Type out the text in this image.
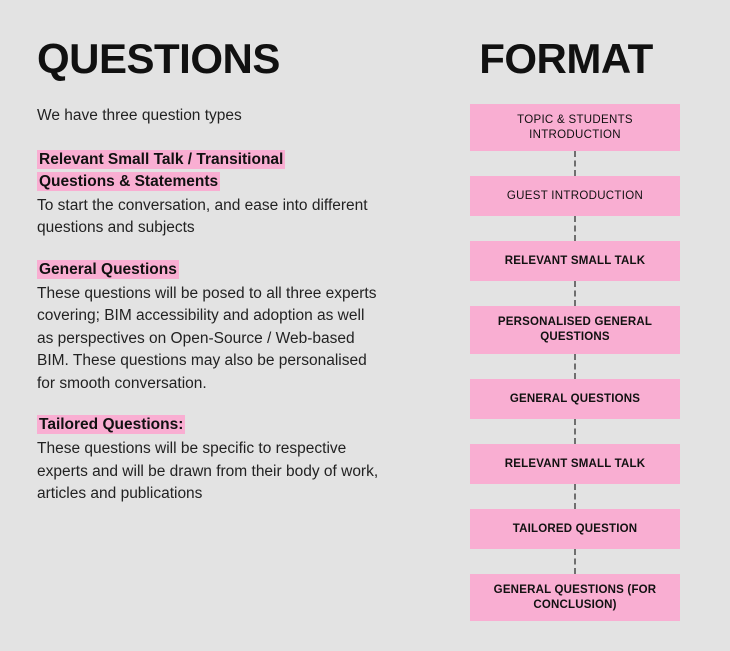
QUESTIONS

We have three question types

Relevant Small Talk / Transitional
Questions & Statements

To start the conversation, and ease into different questions and subjects

General Questions

These questions will be posed to all three experts covering; BIM accessibility and adoption as well as perspectives on Open-Source / Web-based BIM. These questions may also be personalised for smooth conversation.

Tailored Questions:

These questions will be specific to respective experts and will be drawn from their body of work, articles and publications

FORMAT
TOPIC & STUDENTS INTRODUCTION
GUEST INTRODUCTION
RELEVANT SMALL TALK
PERSONALISED GENERAL QUESTIONS
GENERAL QUESTIONS
RELEVANT SMALL TALK
TAILORED QUESTION
GENERAL QUESTIONS (FOR CONCLUSION)
